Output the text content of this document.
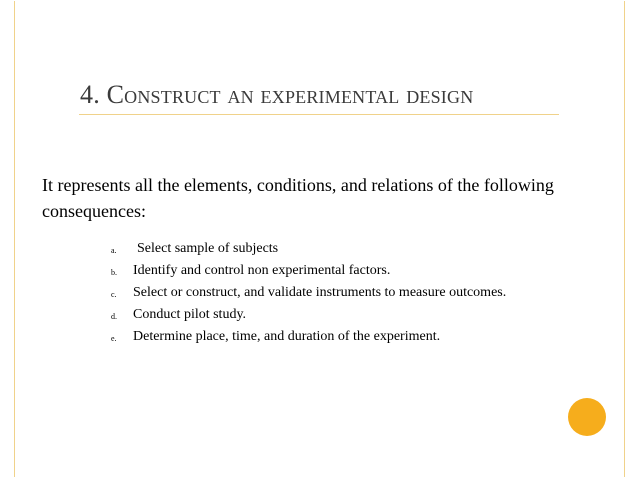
4. Construct an experimental design
It represents all the elements, conditions, and relations of the following consequences:
a.	Select sample of subjects
b.	Identify and control non experimental factors.
c.	Select or construct, and validate instruments to measure outcomes.
d.	Conduct pilot study.
e.	Determine place, time, and duration of the experiment.
